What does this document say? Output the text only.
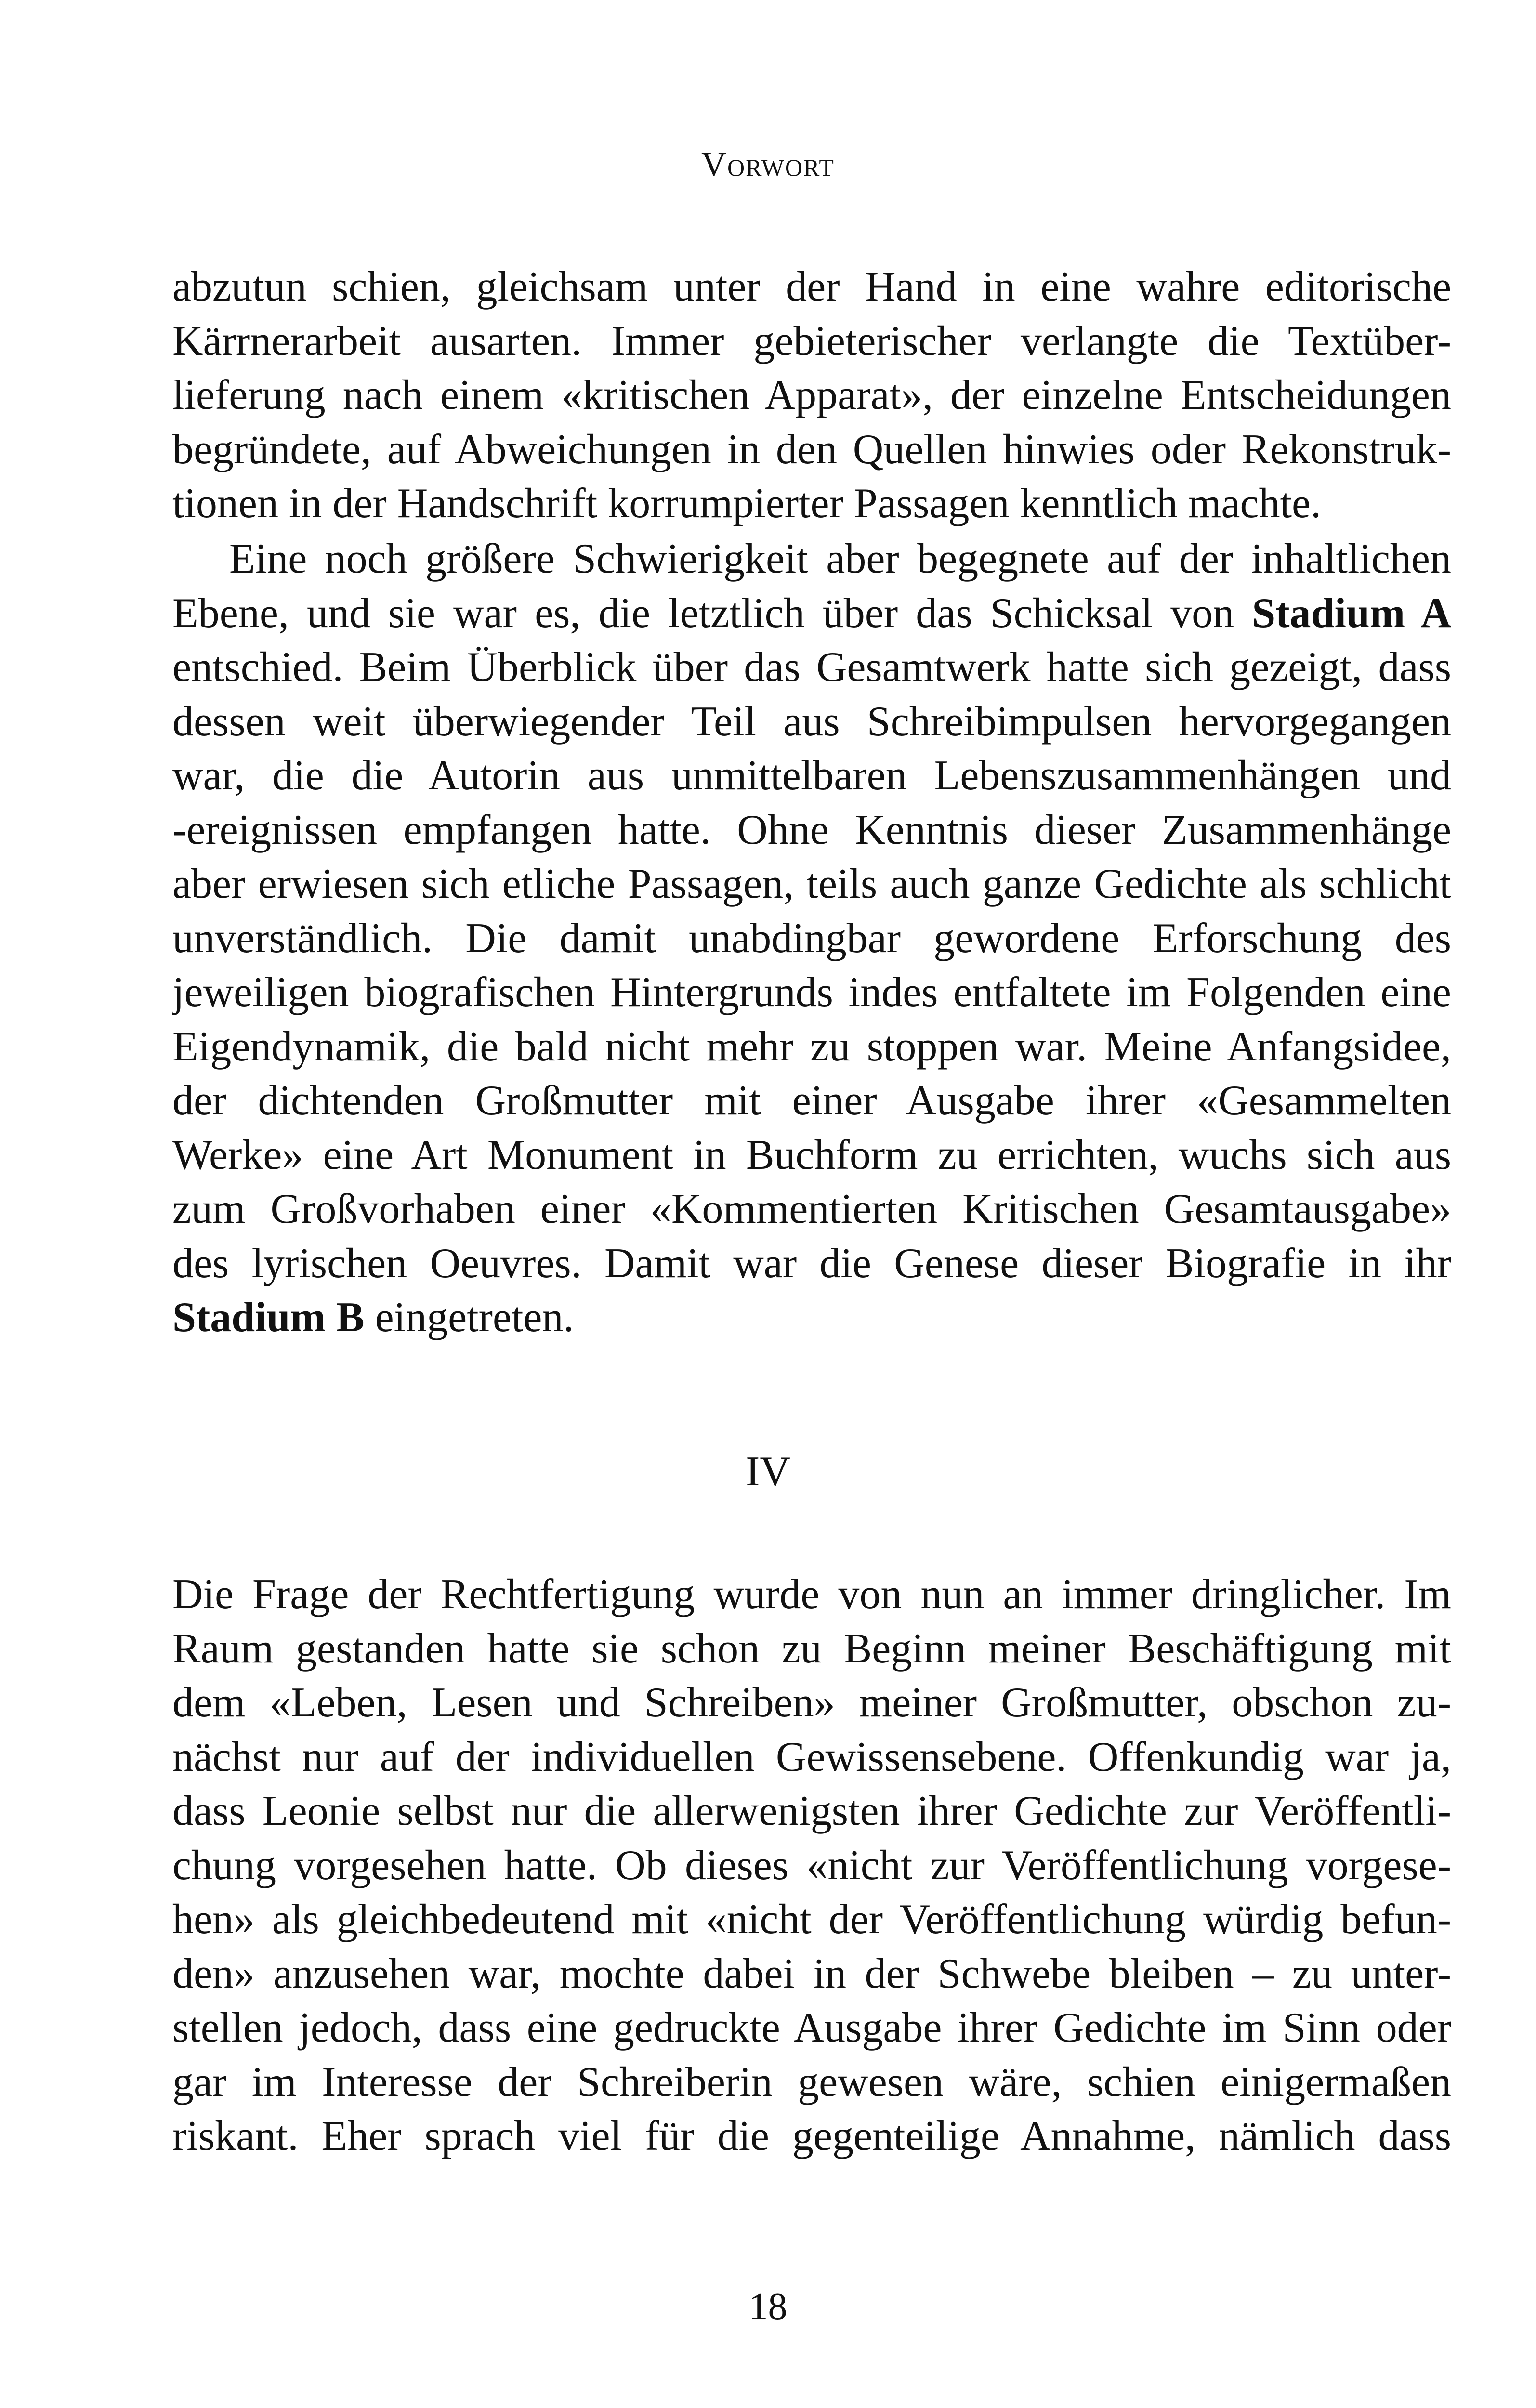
Vorwort
abzutun schien, gleichsam unter der Hand in eine wahre editorische
Kärrnerarbeit ausarten. Immer gebieterischer verlangte die Textüber-
lieferung nach einem «kritischen Apparat», der einzelne Entscheidungen
begründete, auf Abweichungen in den Quellen hinwies oder Rekonstruk-
tionen in der Handschrift korrumpierter Passagen kenntlich machte.
Eine noch größere Schwierigkeit aber begegnete auf der inhaltlichen
Ebene, und sie war es, die letztlich über das Schicksal von Stadium A
entschied. Beim Überblick über das Gesamtwerk hatte sich gezeigt, dass
dessen weit überwiegender Teil aus Schreibimpulsen hervorgegangen
war, die die Autorin aus unmittelbaren Lebenszusammenhängen und
-ereignissen empfangen hatte. Ohne Kenntnis dieser Zusammenhänge
aber erwiesen sich etliche Passagen, teils auch ganze Gedichte als schlicht
unverständlich. Die damit unabdingbar gewordene Erforschung des
jeweiligen biografischen Hintergrunds indes entfaltete im Folgenden eine
Eigendynamik, die bald nicht mehr zu stoppen war. Meine Anfangsidee,
der dichtenden Großmutter mit einer Ausgabe ihrer «Gesammelten
Werke» eine Art Monument in Buchform zu errichten, wuchs sich aus
zum Großvorhaben einer «Kommentierten Kritischen Gesamtausgabe»
des lyrischen Oeuvres. Damit war die Genese dieser Biografie in ihr
Stadium B eingetreten.
IV
Die Frage der Rechtfertigung wurde von nun an immer dringlicher. Im
Raum gestanden hatte sie schon zu Beginn meiner Beschäftigung mit
dem «Leben, Lesen und Schreiben» meiner Großmutter, obschon zu-
nächst nur auf der individuellen Gewissensebene. Offenkundig war ja,
dass Leonie selbst nur die allerwenigsten ihrer Gedichte zur Veröffentli-
chung vorgesehen hatte. Ob dieses «nicht zur Veröffentlichung vorgese-
hen» als gleichbedeutend mit «nicht der Veröffentlichung würdig befun-
den» anzusehen war, mochte dabei in der Schwebe bleiben – zu unter-
stellen jedoch, dass eine gedruckte Ausgabe ihrer Gedichte im Sinn oder
gar im Interesse der Schreiberin gewesen wäre, schien einigermaßen
riskant. Eher sprach viel für die gegenteilige Annahme, nämlich dass
18
